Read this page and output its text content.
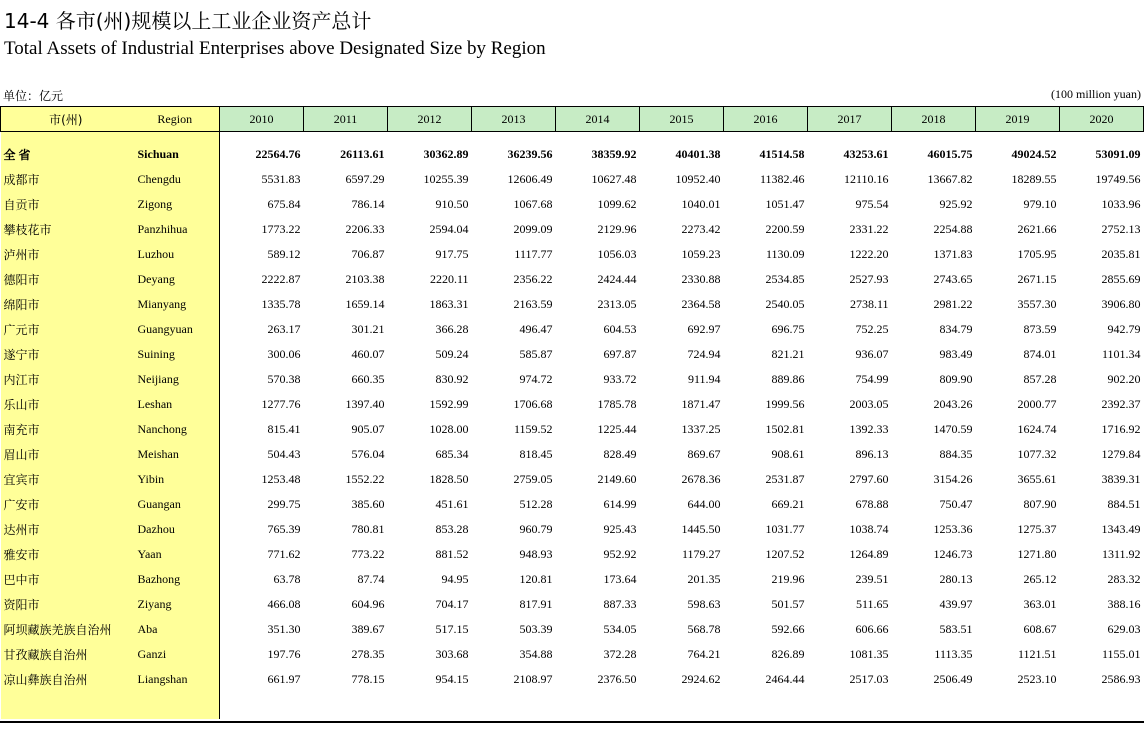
14-4 各市(州)规模以上工业企业资产总计
Total Assets of Industrial Enterprises above Designated Size by Region
单位：亿元	(100 million yuan)
市(州)	Region	2010	2011	2012	2013	2014	2015	2016	2017	2018	2019	2020

全省	Sichuan	22564.76	26113.61	30362.89	36239.56	38359.92	40401.38	41514.58	43253.61	46015.75	49024.52	53091.09
成都市	Chengdu	5531.83	6597.29	10255.39	12606.49	10627.48	10952.40	11382.46	12110.16	13667.82	18289.55	19749.56
自贡市	Zigong	675.84	786.14	910.50	1067.68	1099.62	1040.01	1051.47	975.54	925.92	979.10	1033.96
攀枝花市	Panzhihua	1773.22	2206.33	2594.04	2099.09	2129.96	2273.42	2200.59	2331.22	2254.88	2621.66	2752.13
泸州市	Luzhou	589.12	706.87	917.75	1117.77	1056.03	1059.23	1130.09	1222.20	1371.83	1705.95	2035.81
德阳市	Deyang	2222.87	2103.38	2220.11	2356.22	2424.44	2330.88	2534.85	2527.93	2743.65	2671.15	2855.69
绵阳市	Mianyang	1335.78	1659.14	1863.31	2163.59	2313.05	2364.58	2540.05	2738.11	2981.22	3557.30	3906.80
广元市	Guangyuan	263.17	301.21	366.28	496.47	604.53	692.97	696.75	752.25	834.79	873.59	942.79
遂宁市	Suining	300.06	460.07	509.24	585.87	697.87	724.94	821.21	936.07	983.49	874.01	1101.34
内江市	Neijiang	570.38	660.35	830.92	974.72	933.72	911.94	889.86	754.99	809.90	857.28	902.20
乐山市	Leshan	1277.76	1397.40	1592.99	1706.68	1785.78	1871.47	1999.56	2003.05	2043.26	2000.77	2392.37
南充市	Nanchong	815.41	905.07	1028.00	1159.52	1225.44	1337.25	1502.81	1392.33	1470.59	1624.74	1716.92
眉山市	Meishan	504.43	576.04	685.34	818.45	828.49	869.67	908.61	896.13	884.35	1077.32	1279.84
宜宾市	Yibin	1253.48	1552.22	1828.50	2759.05	2149.60	2678.36	2531.87	2797.60	3154.26	3655.61	3839.31
广安市	Guangan	299.75	385.60	451.61	512.28	614.99	644.00	669.21	678.88	750.47	807.90	884.51
达州市	Dazhou	765.39	780.81	853.28	960.79	925.43	1445.50	1031.77	1038.74	1253.36	1275.37	1343.49
雅安市	Yaan	771.62	773.22	881.52	948.93	952.92	1179.27	1207.52	1264.89	1246.73	1271.80	1311.92
巴中市	Bazhong	63.78	87.74	94.95	120.81	173.64	201.35	219.96	239.51	280.13	265.12	283.32
资阳市	Ziyang	466.08	604.96	704.17	817.91	887.33	598.63	501.57	511.65	439.97	363.01	388.16
阿坝藏族羌族自治州	Aba	351.30	389.67	517.15	503.39	534.05	568.78	592.66	606.66	583.51	608.67	629.03
甘孜藏族自治州	Ganzi	197.76	278.35	303.68	354.88	372.28	764.21	826.89	1081.35	1113.35	1121.51	1155.01
凉山彝族自治州	Liangshan	661.97	778.15	954.15	2108.97	2376.50	2924.62	2464.44	2517.03	2506.49	2523.10	2586.93
